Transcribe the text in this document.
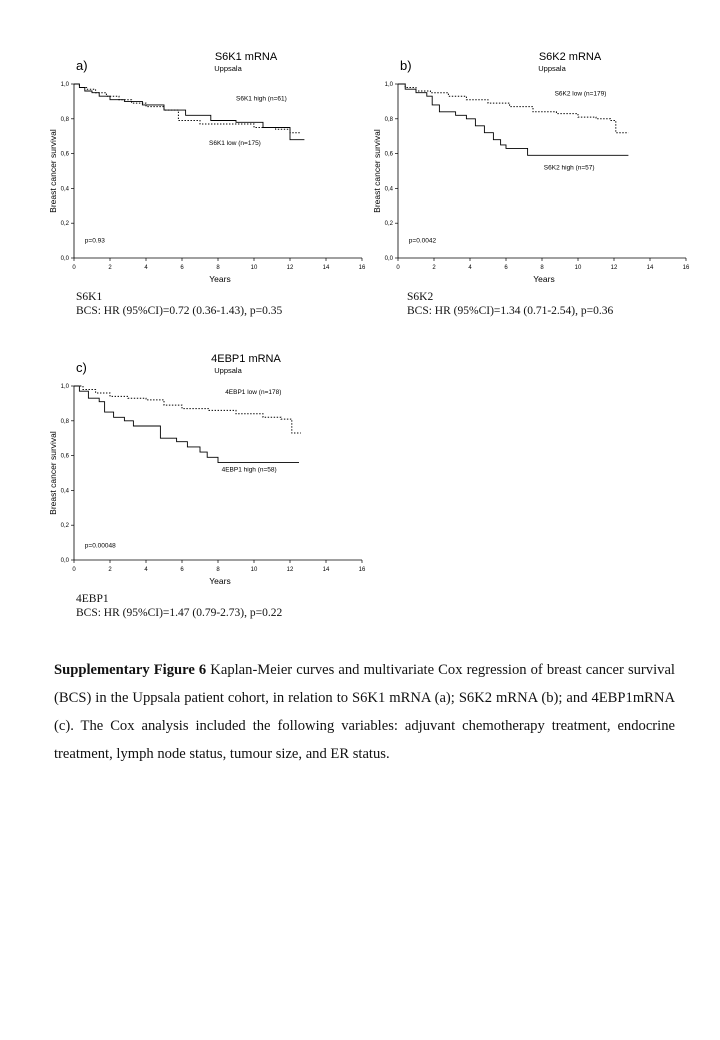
a)
S6K1 mRNA
Uppsala
0,0
0,2
0,4
0,6
0,8
1,0
0	2	4	6	8	10	12	14	16
Years
Breast cancer survival
S6K1 high (n=61)
S6K1 low (n=175)
p=0.93
S6K1
BCS: HR (95%CI)=0.72 (0.36-1.43), p=0.35
b)
S6K2 mRNA
Uppsala
0,0
0,2
0,4
0,6
0,8
1,0
0	2	4	6	8	10	12	14	16
Years
Breast cancer survival
S6K2 low (n=179)
S6K2 high (n=57)
p=0.0042
S6K2
BCS: HR (95%CI)=1.34 (0.71-2.54), p=0.36
c)
4EBP1 mRNA
Uppsala
0,0
0,2
0,4
0,6
0,8
1,0
0	2	4	6	8	10	12	14	16
Years
Breast cancer survival
4EBP1 low (n=178)
4EBP1 high (n=58)
p=0.00048
4EBP1
BCS: HR (95%CI)=1.47 (0.79-2.73), p=0.22
Supplementary Figure 6 Kaplan-Meier curves and multivariate Cox regression of breast cancer survival (BCS) in the Uppsala patient cohort, in relation to S6K1 mRNA (a); S6K2 mRNA (b); and 4EBP1mRNA (c). The Cox analysis included the following variables: adjuvant chemotherapy treatment, endocrine treatment, lymph node status, tumour size, and ER status.
